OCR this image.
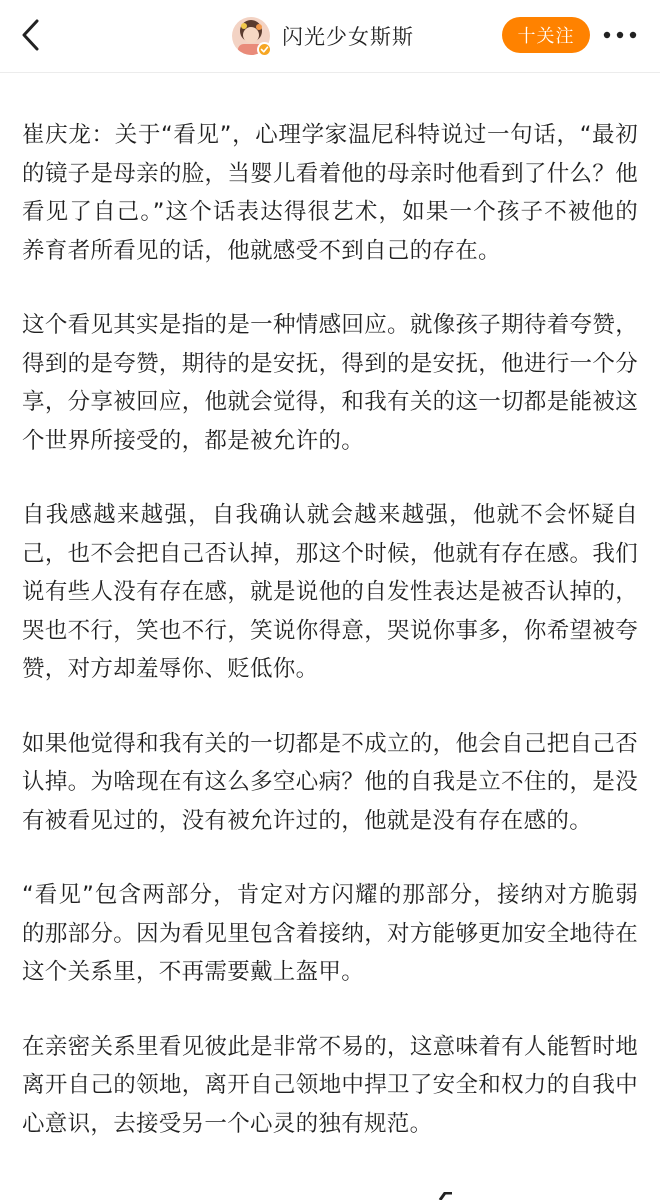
闪光少女斯斯	十关注

崔庆龙：关于“看见”，心理学家温尼科特说过一句话，“最初的镜子是母亲的脸，当婴儿看着他的母亲时他看到了什么？他看见了自己。”这个话表达得很艺术，如果一个孩子不被他的养育者所看见的话，他就感受不到自己的存在。

这个看见其实是指的是一种情感回应。就像孩子期待着夸赞，得到的是夸赞，期待的是安抚，得到的是安抚，他进行一个分享，分享被回应，他就会觉得，和我有关的这一切都是能被这个世界所接受的，都是被允许的。

自我感越来越强，自我确认就会越来越强，他就不会怀疑自己，也不会把自己否认掉，那这个时候，他就有存在感。我们说有些人没有存在感，就是说他的自发性表达是被否认掉的，哭也不行，笑也不行，笑说你得意，哭说你事多，你希望被夸赞，对方却羞辱你、贬低你。

如果他觉得和我有关的一切都是不成立的，他会自己把自己否认掉。为啥现在有这么多空心病？他的自我是立不住的，是没有被看见过的，没有被允许过的，他就是没有存在感的。

“看见”包含两部分，肯定对方闪耀的那部分，接纳对方脆弱的那部分。因为看见里包含着接纳，对方能够更加安全地待在这个关系里，不再需要戴上盔甲。

在亲密关系里看见彼此是非常不易的，这意味着有人能暂时地离开自己的领地，离开自己领地中捍卫了安全和权力的自我中心意识，去接受另一个心灵的独有规范。
